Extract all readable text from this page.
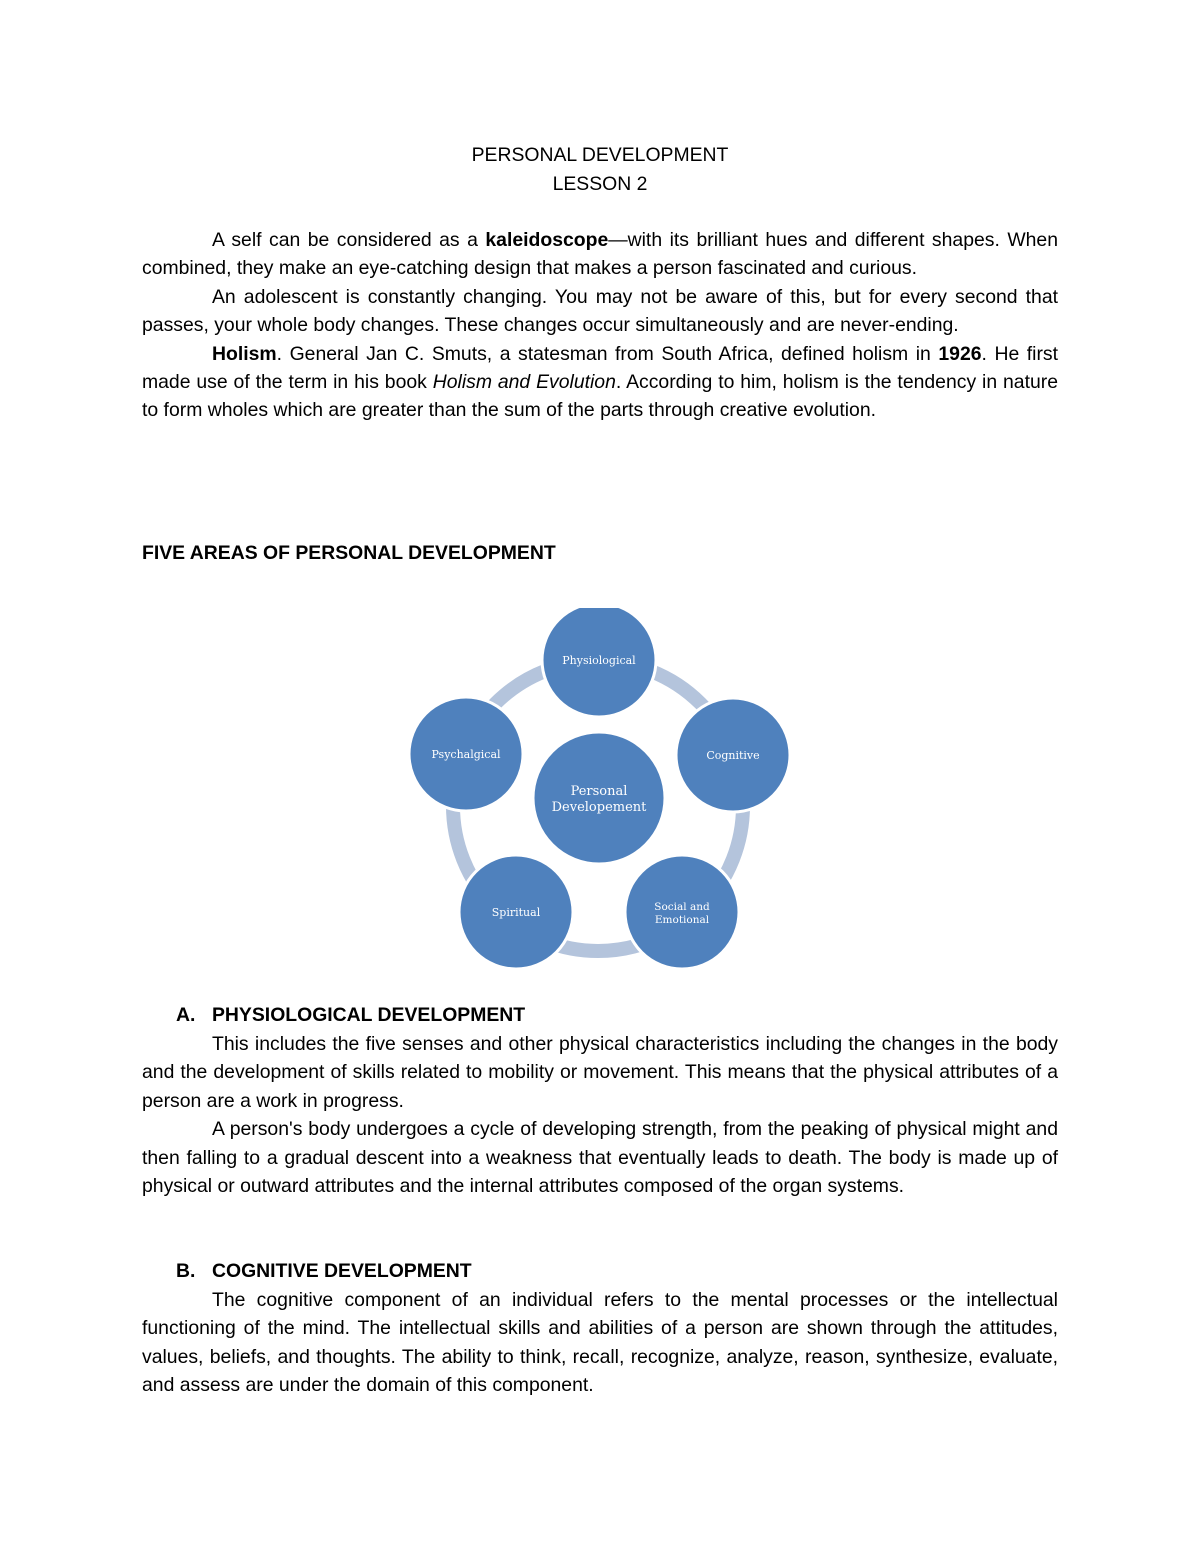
PERSONAL DEVELOPMENT
LESSON 2

A self can be considered as a kaleidoscope—with its brilliant hues and different shapes. When combined, they make an eye-catching design that makes a person fascinated and curious.

An adolescent is constantly changing. You may not be aware of this, but for every second that passes, your whole body changes. These changes occur simultaneously and are never-ending.

Holism. General Jan C. Smuts, a statesman from South Africa, defined holism in 1926. He first made use of the term in his book Holism and Evolution. According to him, holism is the tendency in nature to form wholes which are greater than the sum of the parts through creative evolution.

FIVE AREAS OF PERSONAL DEVELOPMENT
Physiological
Cognitive
Social and
Emotional
Spiritual
Psychalgical
Personal
Developement
A. PHYSIOLOGICAL DEVELOPMENT

This includes the five senses and other physical characteristics including the changes in the body and the development of skills related to mobility or movement. This means that the physical attributes of a person are a work in progress.

A person's body undergoes a cycle of developing strength, from the peaking of physical might and then falling to a gradual descent into a weakness that eventually leads to death. The body is made up of physical or outward attributes and the internal attributes composed of the organ systems.

B. COGNITIVE DEVELOPMENT

The cognitive component of an individual refers to the mental processes or the intellectual functioning of the mind. The intellectual skills and abilities of a person are shown through the attitudes, values, beliefs, and thoughts. The ability to think, recall, recognize, analyze, reason, synthesize, evaluate, and assess are under the domain of this component.
